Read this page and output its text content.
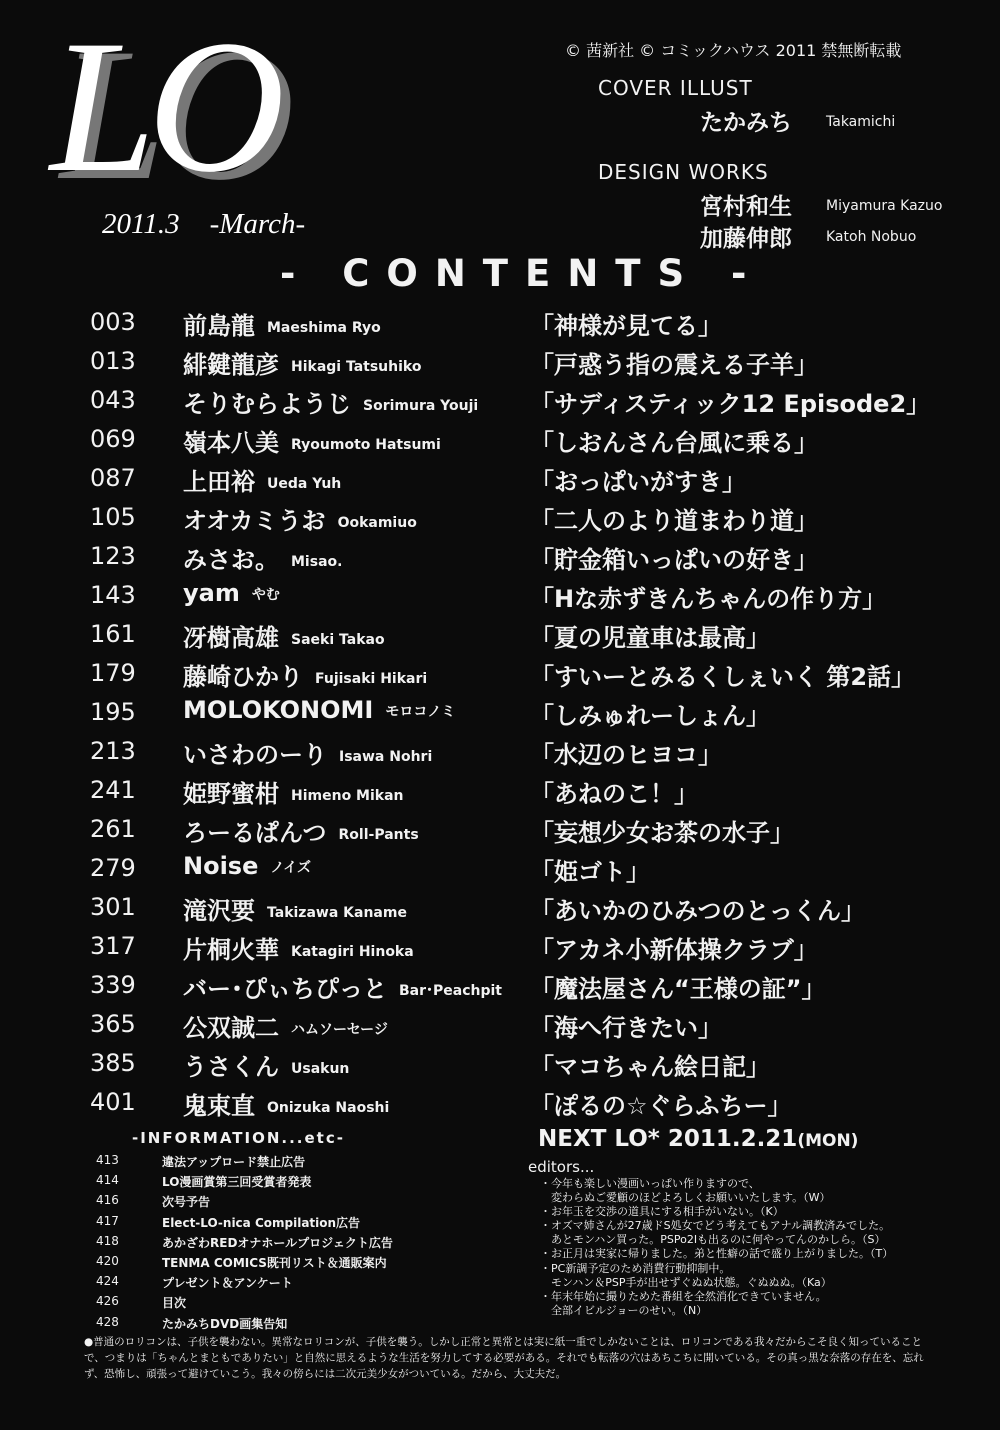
LO
2011.3 -March-
© 茜新社 © コミックハウス 2011 禁無断転載
COVER ILLUST
たかみち Takamichi
DESIGN WORKS
宮村和生 Miyamura Kazuo
加藤伸郎 Katoh Nobuo
- CONTENTS -
003 前島龍 Maeshima Ryo	「神様が見てる」
013 緋鍵龍彦 Hikagi Tatsuhiko	「戸惑う指の震える子羊」
043 そりむらようじ Sorimura Youji 「サディスティック12 Episode2」
069 嶺本八美 Ryoumoto Hatsumi	「しおんさん台風に乗る」
087 上田裕 Ueda Yuh	「おっぱいがすき」
105 オオカミうお Ookamiuo	「二人のより道まわり道」
123 みさお。 Misao.	「貯金箱いっぱいの好き」
143 yam やむ	「Hな赤ずきんちゃんの作り方」
161 冴樹高雄 Saeki Takao	「夏の児童車は最高」
179 藤崎ひかり Fujisaki Hikari	「すいーとみるくしぇいく 第2話」
195 MOLOKONOMI モロコノミ	「しみゅれーしょん」
213 いさわのーり Isawa Nohri	「水辺のヒヨコ」
241 姫野蜜柑 Himeno Mikan	「あねのこ！」
261 ろーるぱんつ Roll-Pants	「妄想少女お茶の水子」
279 Noise ノイズ	「姫ゴト」
301 滝沢要 Takizawa Kaname	「あいかのひみつのとっくん」
317 片桐火華 Katagiri Hinoka	「アカネ小新体操クラブ」
339 バー･ぴぃちぴっと Bar･Peachpit 「魔法屋さん“王様の証”」
365 公双誠二 ハムソーセージ	「海へ行きたい」
385 うさくん Usakun	「マコちゃん絵日記」
401 鬼束直 Onizuka Naoshi	「ぽるの☆ぐらふちー」
-INFORMATION...etc-
413	違法アップロード禁止広告
414	LO漫画賞第三回受賞者発表
416	次号予告
417	Elect-LO-nica Compilation広告
418	あかざわREDオナホールプロジェクト広告
420	TENMA COMICS既刊リスト＆通販案内
424	プレゼント＆アンケート
426	目次
428	たかみちDVD画集告知
NEXT LO* 2011.2.21(MON)
editors...
・今年も楽しい漫画いっぱい作りますので、
　変わらぬご愛顧のほどよろしくお願いいたします。（W）
・お年玉を交渉の道具にする相手がいない。（K）
・オズマ姉さんが27歳ドS処女でどう考えてもアナル調教済みでした。
　あとモンハン買った。PSPo2Iも出るのに何やってんのかしら。（S）
・お正月は実家に帰りました。弟と性癖の話で盛り上がりました。（T）
・PC新調予定のため消費行動抑制中。
　モンハン＆PSP手が出せずぐぬぬ状態。ぐぬぬぬ。（Ka）
・年末年始に撮りためた番組を全然消化できていません。
　全部イビルジョーのせい。（N）
●普通のロリコンは、子供を襲わない。異常なロリコンが、子供を襲う。しかし正常と異常とは実に紙一重でしかないことは、ロリコンである我々だからこそ良く知っていることで、つまりは「ちゃんとまともでありたい」と自然に思えるような生活を努力してする必要がある。それでも転落の穴はあちこちに開いている。その真っ黒な奈落の存在を、忘れず、恐怖し、頑張って避けていこう。我々の傍らには二次元美少女がついている。だから、大丈夫だ。
